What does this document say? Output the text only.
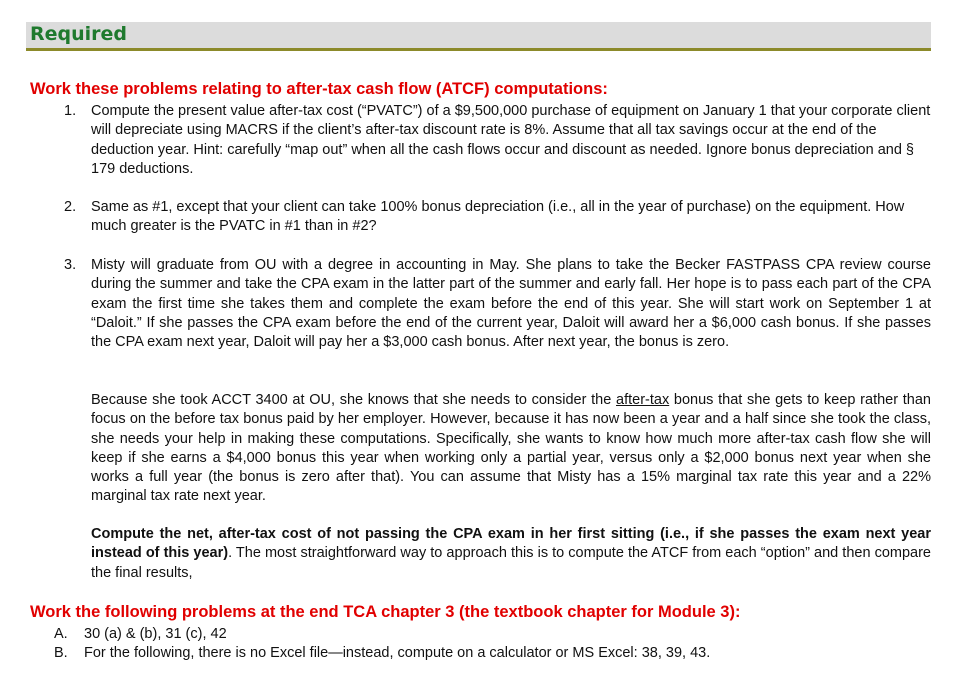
Required
Work these problems relating to after-tax cash flow (ATCF) computations:
1. Compute the present value after-tax cost (“PVATC”) of a $9,500,000 purchase of equipment on January 1 that your corporate client will depreciate using MACRS if the client’s after-tax discount rate is 8%. Assume that all tax savings occur at the end of the deduction year. Hint: carefully “map out” when all the cash flows occur and discount as needed. Ignore bonus depreciation and § 179 deductions.
2. Same as #1, except that your client can take 100% bonus depreciation (i.e., all in the year of purchase) on the equipment. How much greater is the PVATC in #1 than in #2?
3. Misty will graduate from OU with a degree in accounting in May. She plans to take the Becker FASTPASS CPA review course during the summer and take the CPA exam in the latter part of the summer and early fall. Her hope is to pass each part of the CPA exam the first time she takes them and complete the exam before the end of this year. She will start work on September 1 at “Daloit.” If she passes the CPA exam before the end of the current year, Daloit will award her a $6,000 cash bonus. If she passes the CPA exam next year, Daloit will pay her a $3,000 cash bonus. After next year, the bonus is zero.
Because she took ACCT 3400 at OU, she knows that she needs to consider the after-tax bonus that she gets to keep rather than focus on the before tax bonus paid by her employer. However, because it has now been a year and a half since she took the class, she needs your help in making these computations. Specifically, she wants to know how much more after-tax cash flow she will keep if she earns a $4,000 bonus this year when working only a partial year, versus only a $2,000 bonus next year when she works a full year (the bonus is zero after that). You can assume that Misty has a 15% marginal tax rate this year and a 22% marginal tax rate next year.
Compute the net, after-tax cost of not passing the CPA exam in her first sitting (i.e., if she passes the exam next year instead of this year). The most straightforward way to approach this is to compute the ATCF from each “option” and then compare the final results,
Work the following problems at the end TCA chapter 3 (the textbook chapter for Module 3):
A. 30 (a) & (b), 31 (c), 42
B. For the following, there is no Excel file—instead, compute on a calculator or MS Excel: 38, 39, 43.
